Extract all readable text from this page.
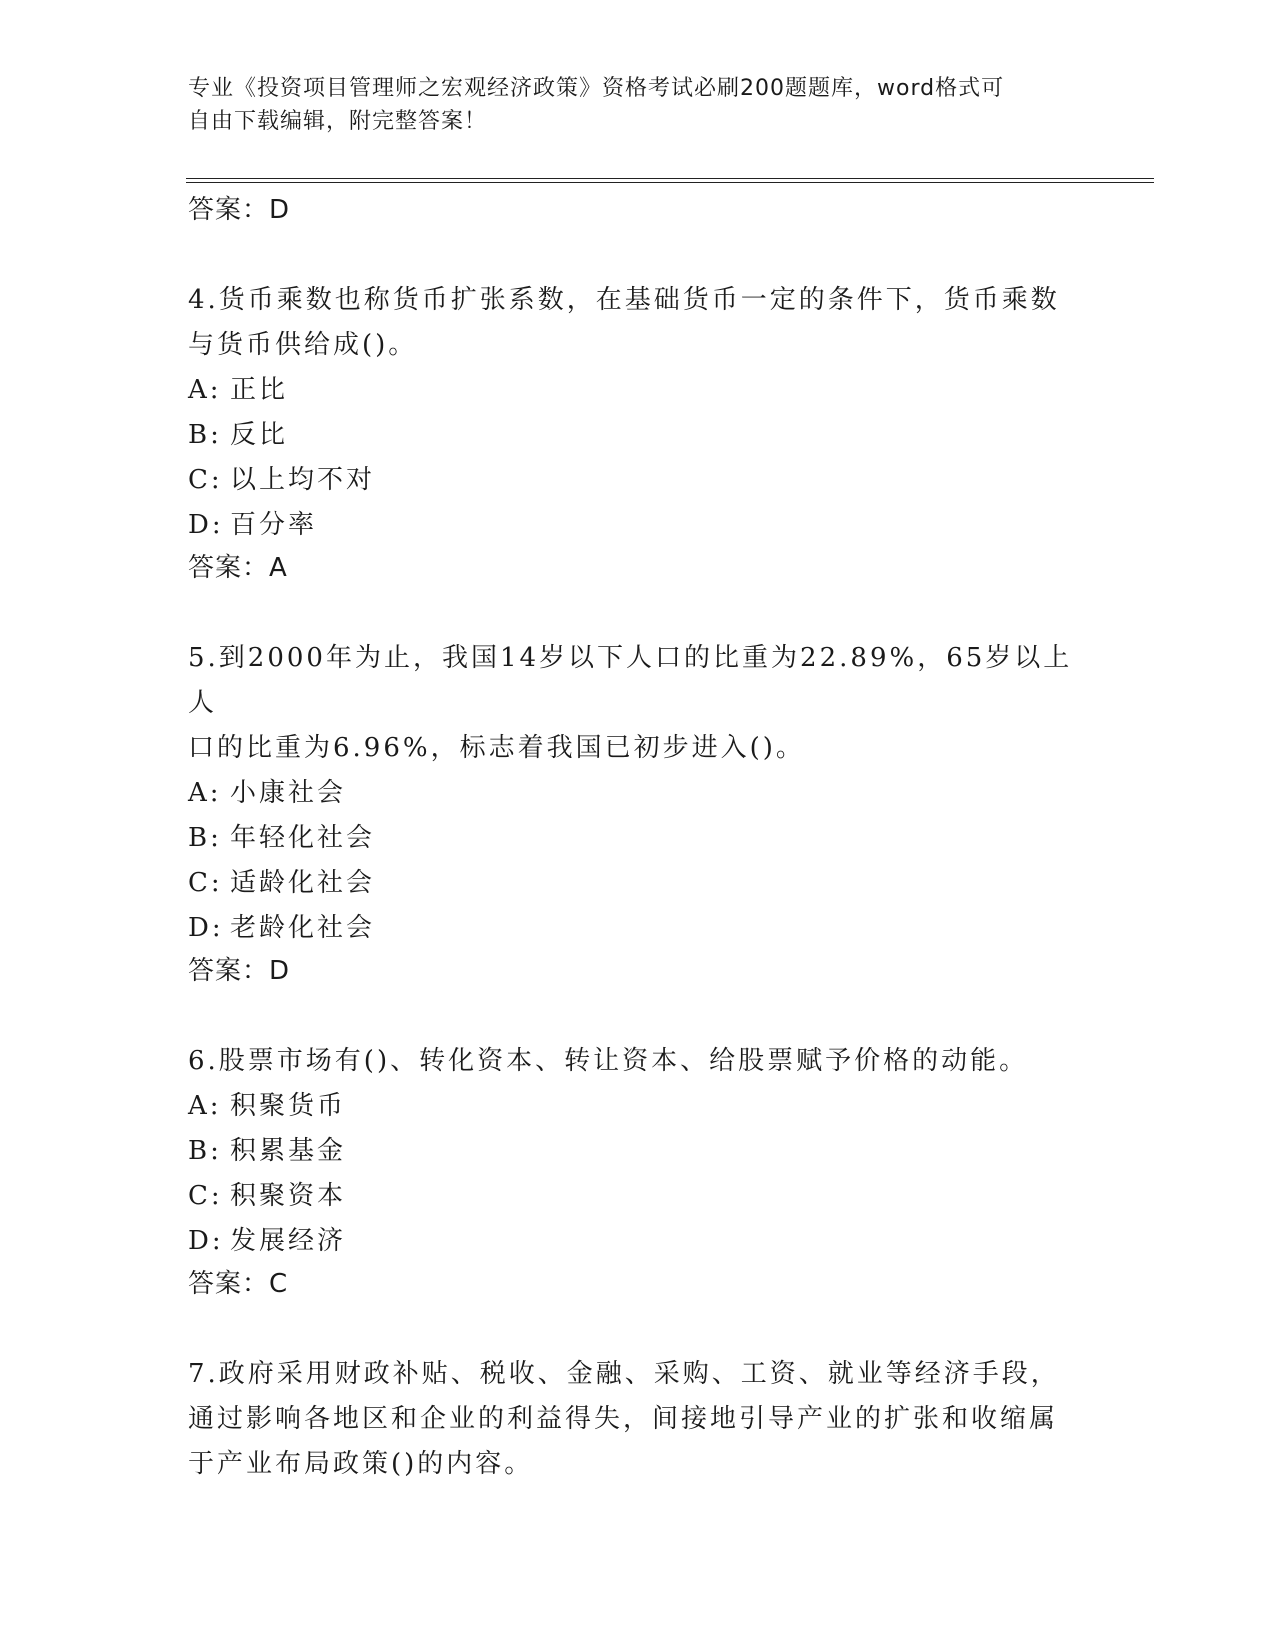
专业《投资项目管理师之宏观经济政策》资格考试必刷200题题库，word格式可
自由下载编辑，附完整答案！
答案：D
4.货币乘数也称货币扩张系数，在基础货币一定的条件下，货币乘数
与货币供给成()。
A: 正比
B: 反比
C: 以上均不对
D: 百分率
答案：A
5.到2000年为止，我国14岁以下人口的比重为22.89%，65岁以上人
口的比重为6.96%，标志着我国已初步进入()。
A: 小康社会
B: 年轻化社会
C: 适龄化社会
D: 老龄化社会
答案：D
6.股票市场有()、转化资本、转让资本、给股票赋予价格的动能。
A: 积聚货币
B: 积累基金
C: 积聚资本
D: 发展经济
答案：C
7.政府采用财政补贴、税收、金融、采购、工资、就业等经济手段，
通过影响各地区和企业的利益得失，间接地引导产业的扩张和收缩属
于产业布局政策()的内容。
